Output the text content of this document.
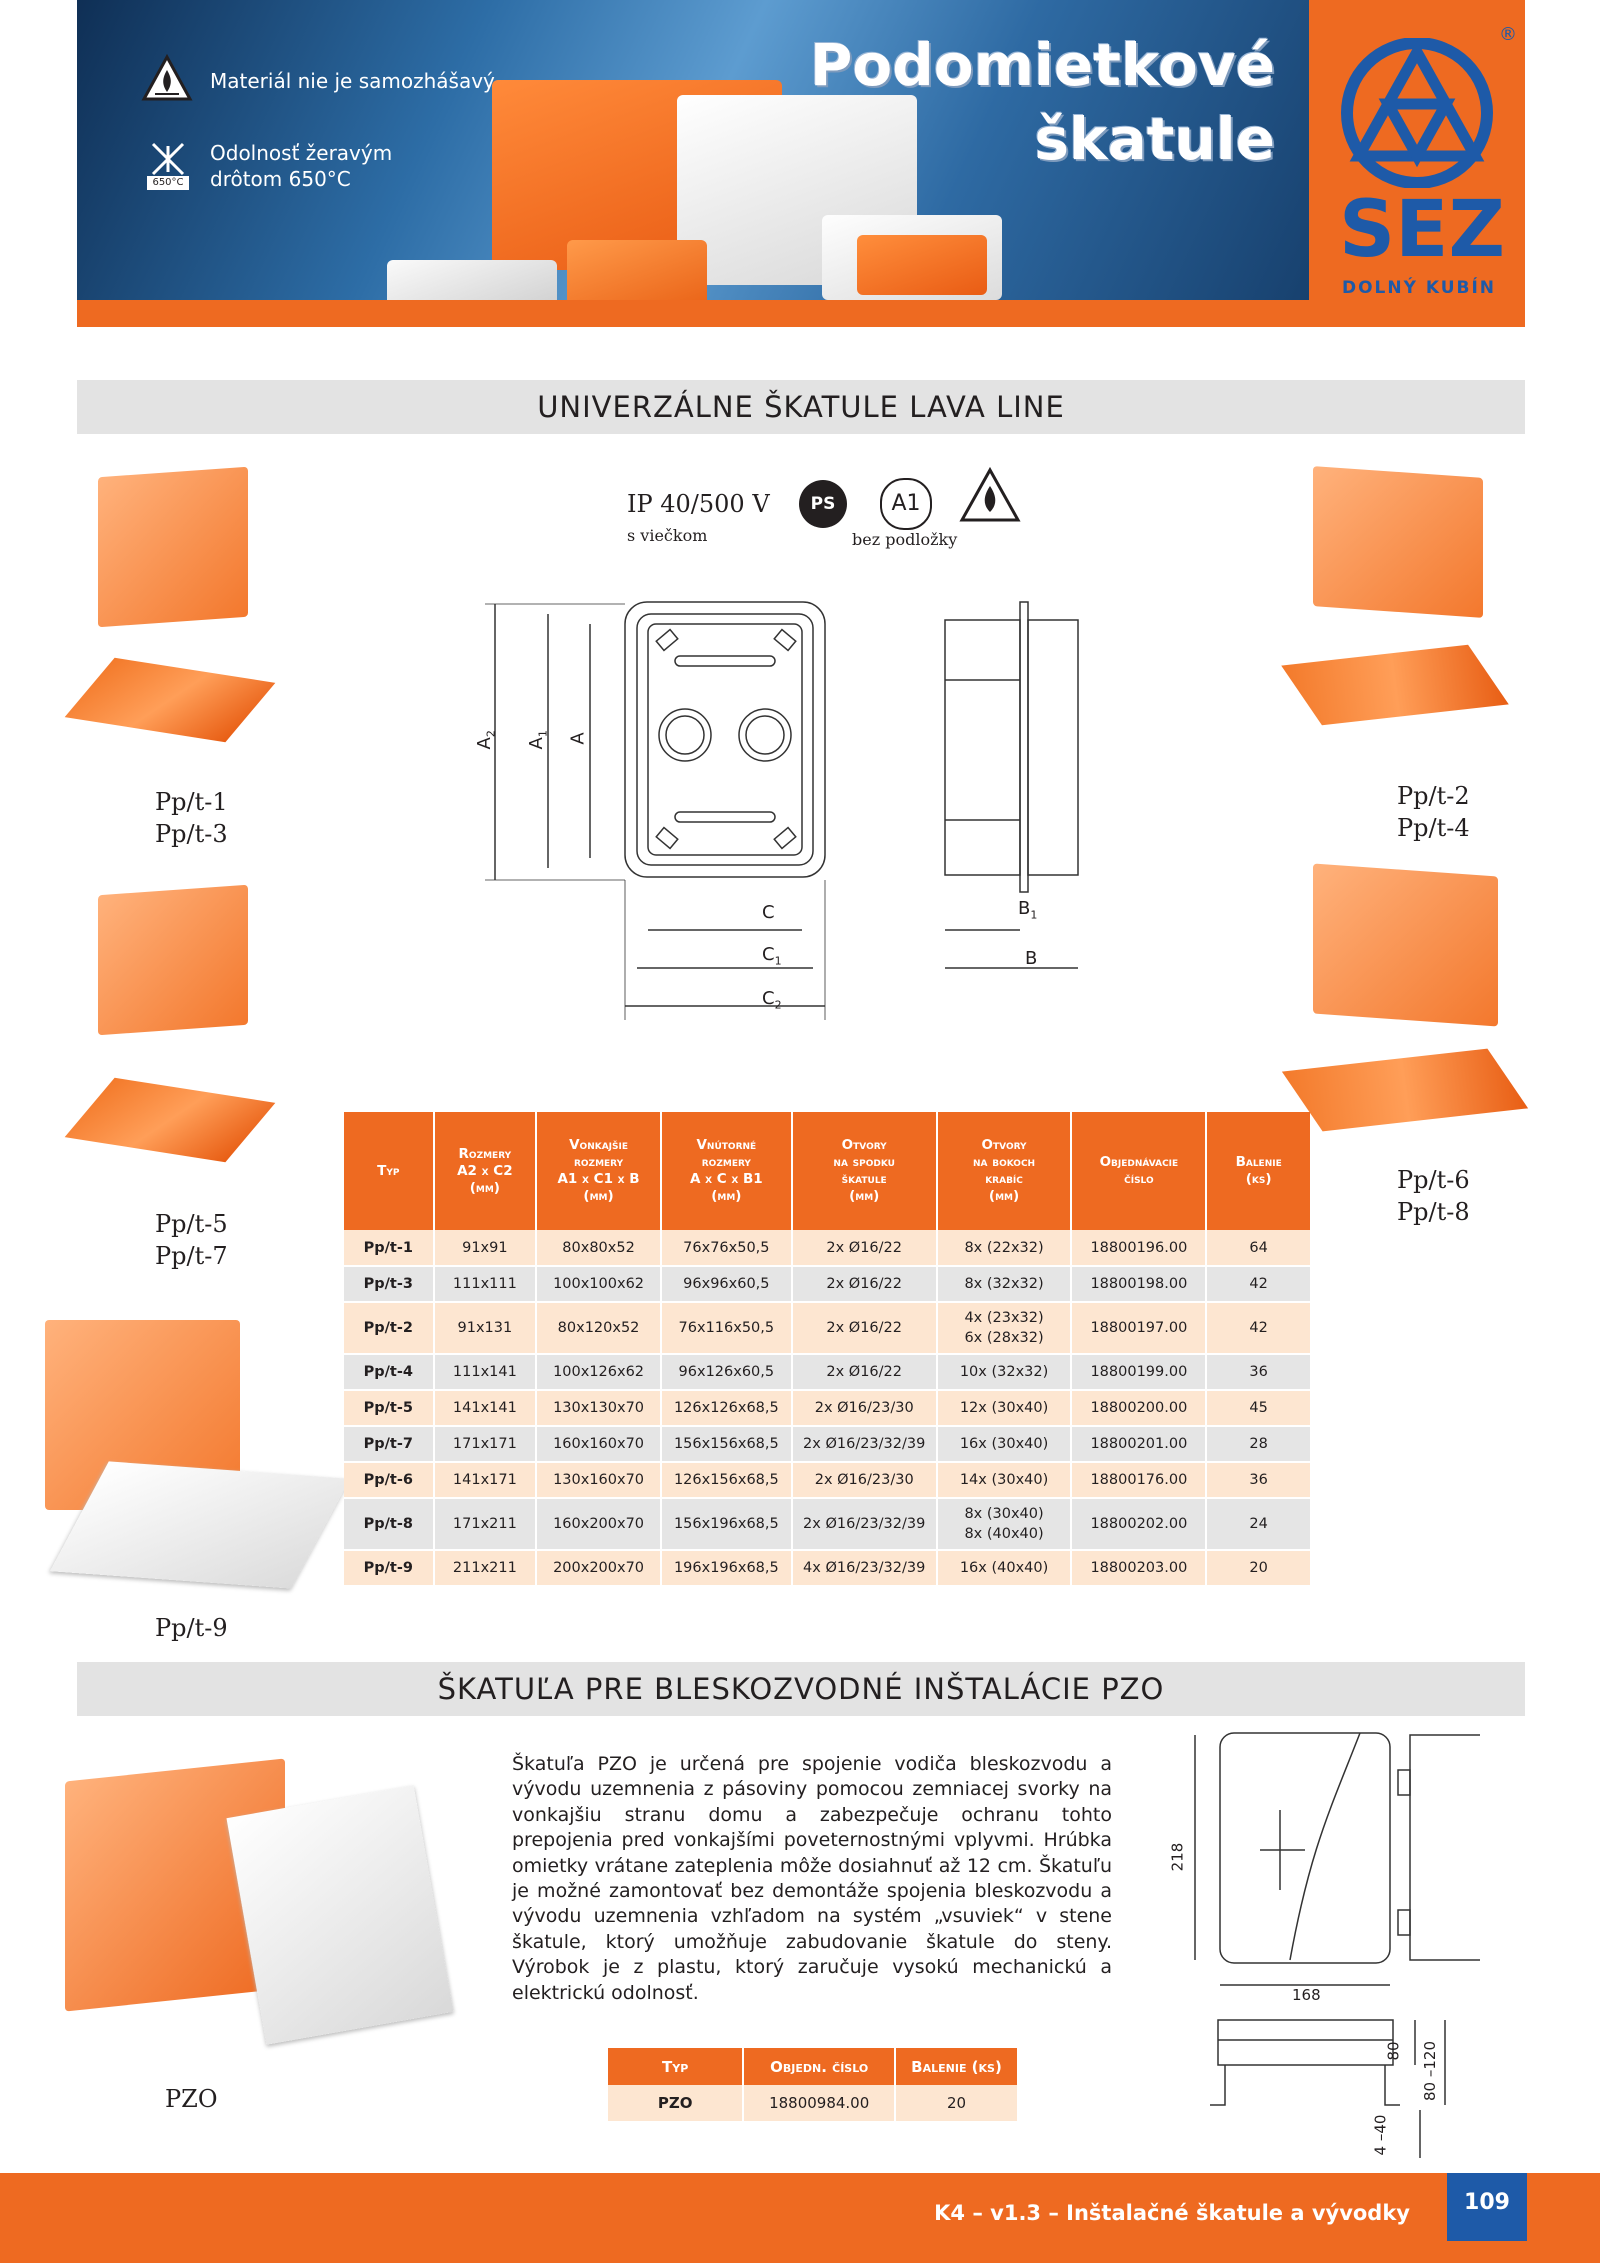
Materiál nie je samozhášavý
650°C
Odolnosť žeravým
drôtom 650°C
Podomietkové
škatule
®
SEZ
DOLNÝ KUBÍN
UNIVERZÁLNE ŠKATULE LAVA LINE
Pp/t-1
Pp/t-3
Pp/t-2
Pp/t-4
Pp/t-5
Pp/t-7
Pp/t-6
Pp/t-8
Pp/t-9
IP 40/500 V
s viečkom
PS	A1
bez podložky
$A_2$
$A_1$ A
C
$C_1$
$C_2$
$B_1$
B
Typ	Rozmery
A2 x C2
(mm)	Vonkajšie
rozmery
A1 x C1 x B
(mm)	Vnútorné
rozmery
A x C x B1
(mm)	Otvory
na spodku
škatule
(mm)	Otvory
na bokoch
krabíc
(mm)	Objednávacie
číslo	Balenie
(ks)
Pp/t-1	91x91	80x80x52	76x76x50,5	2x Ø16/22	8x (22x32)	18800196.00	64
Pp/t-3	111x111	100x100x62	96x96x60,5	2x Ø16/22	8x (32x32)	18800198.00	42
Pp/t-2	91x131	80x120x52	76x116x50,5	2x Ø16/22	4x (23x32)
6x (28x32)	18800197.00	42
Pp/t-4	111x141	100x126x62	96x126x60,5	2x Ø16/22	10x (32x32)	18800199.00	36
Pp/t-5	141x141	130x130x70	126x126x68,5	2x Ø16/23/30	12x (30x40)	18800200.00	45
Pp/t-7	171x171	160x160x70	156x156x68,5	2x Ø16/23/32/39	16x (30x40)	18800201.00	28
Pp/t-6	141x171	130x160x70	126x156x68,5	2x Ø16/23/30	14x (30x40)	18800176.00	36
Pp/t-8	171x211	160x200x70	156x196x68,5	2x Ø16/23/32/39	8x (30x40)
8x (40x40)	18800202.00	24
Pp/t-9	211x211	200x200x70	196x196x68,5	4x Ø16/23/32/39	16x (40x40)	18800203.00	20
ŠKATUĽA PRE BLESKOZVODNÉ INŠTALÁCIE PZO
PZO
Škatuľa PZO je určená pre spojenie vodiča bleskozvodu a vývodu uzemnenia z pásoviny pomocou zemniacej svorky na vonkajšiu stranu domu a zabezpečuje ochranu tohto prepojenia pred vonkajšími poveternostnými vplyvmi. Hrúbka omietky vrátane zateplenia môže dosiahnuť až 12 cm. Škatuľu je možné zamontovať bez demontáže spojenia bleskozvodu a vývodu uzemnenia vzhľadom na systém „vsuviek“ v stene škatule, ktorý umožňuje zabudovanie škatule do steny. Výrobok je z plastu, ktorý zaručuje vysokú mechanickú a elektrickú odolnosť.
218
168
80 80 –120
4 –40
Typ	Objedn. číslo	Balenie (ks)
PZO	18800984.00	20
K4 – v1.3 – Inštalačné škatule a vývodky	109
